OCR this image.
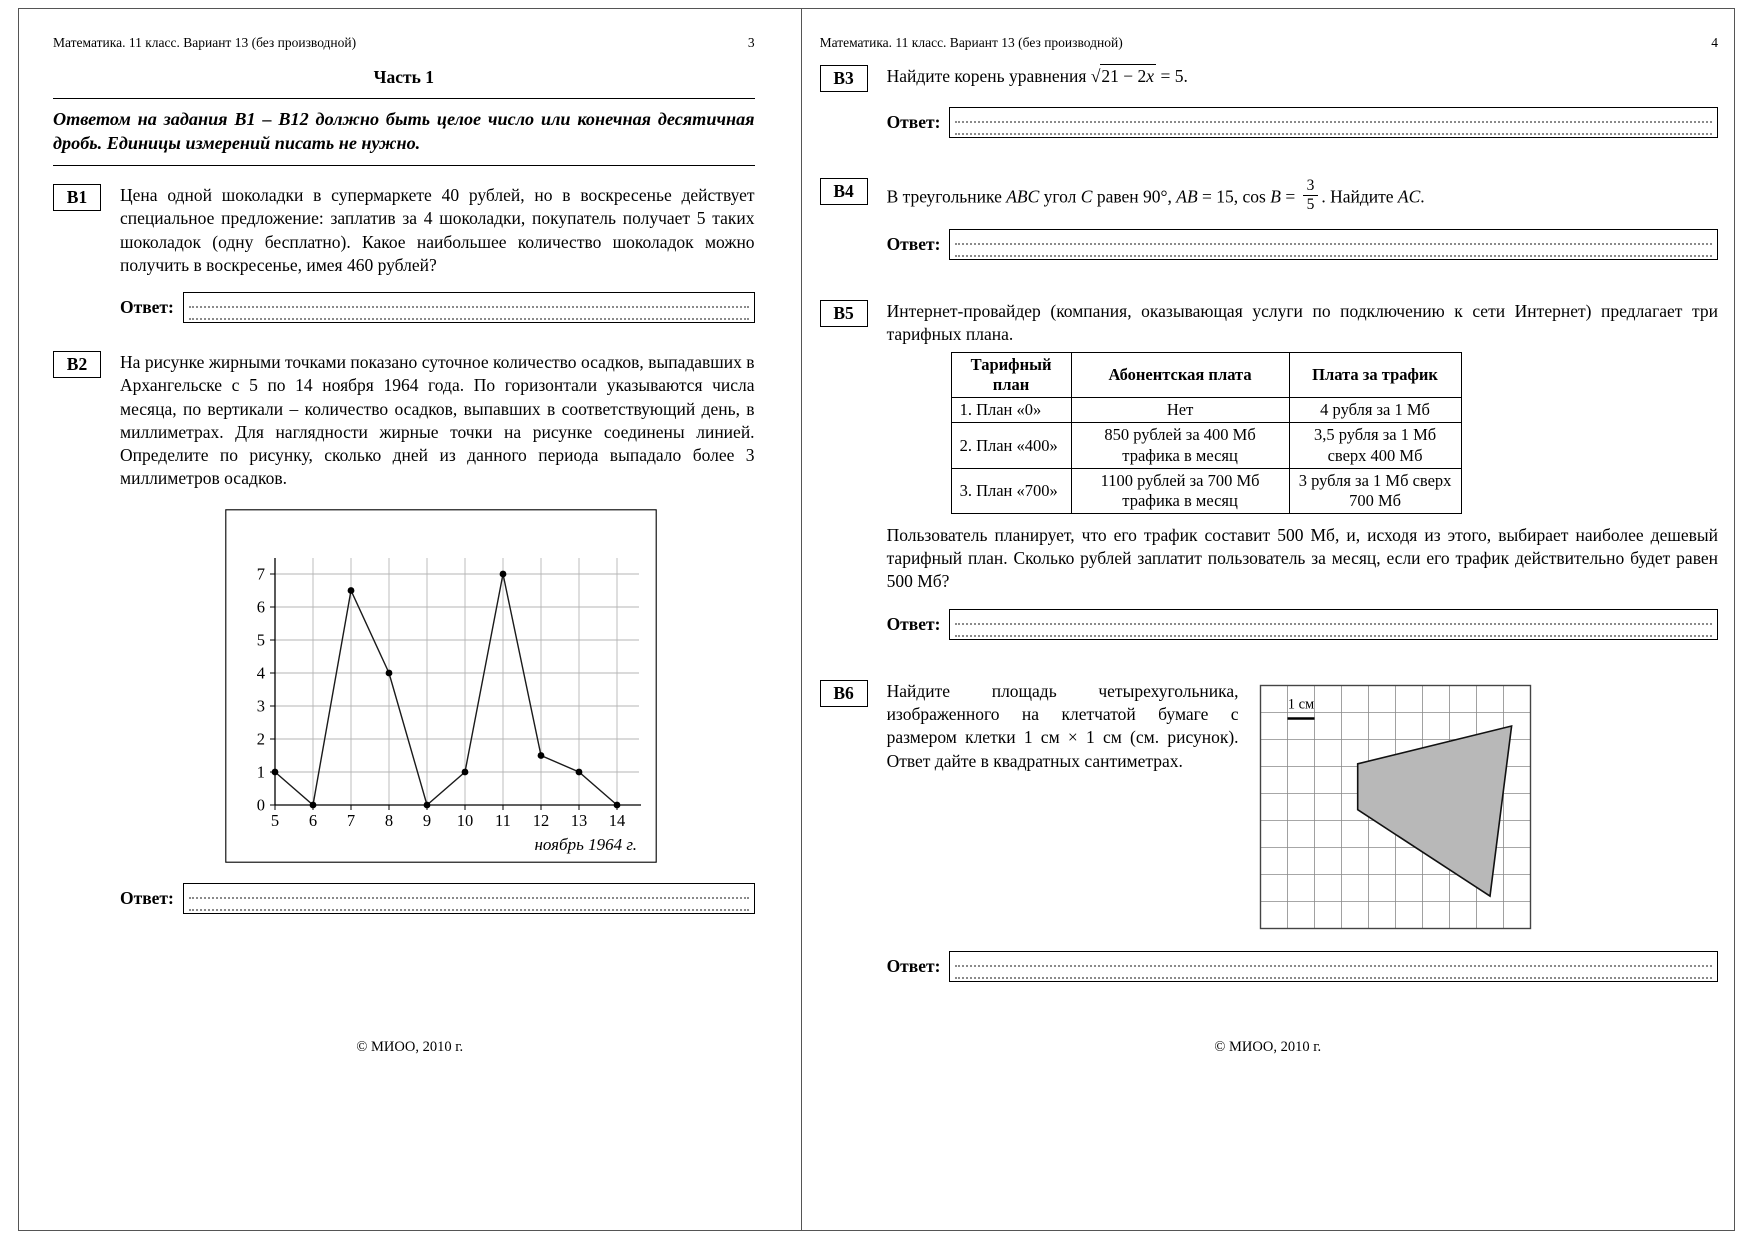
Математика. 11 класс. Вариант 13 (без производной)	3
Часть 1
Ответом на задания В1 – В12 должно быть целое число или конечная десятичная дробь. Единицы измерений писать не нужно.
В1	Цена одной шоколадки в супермаркете 40 рублей, но в воскресенье действует специальное предложение: заплатив за 4 шоколадки, покупатель получает 5 таких шоколадок (одну бесплатно). Какое наибольшее количество шоколадок можно получить в воскресенье, имея 460 рублей?
Ответ:
В2	На рисунке жирными точками показано суточное количество осадков, выпадавших в Архангельске с 5 по 14 ноября 1964 года. По горизонтали указываются числа месяца, по вертикали – количество осадков, выпавших в соответствующий день, в миллиметрах. Для наглядности жирные точки на рисунке соединены линией. Определите по рисунку, сколько дней из данного периода выпадало более 3 миллиметров осадков.
0
1
2
3
4
5
6
7
5 6 7 8 9 10 11 12 13 14
ноябрь 1964 г.
Ответ:
© МИОО, 2010 г.
Математика. 11 класс. Вариант 13 (без производной)	4
В3	Найдите корень уравнения √21 − 2x = 5.
Ответ:
В4	В треугольнике ABC угол C равен 90°, AB = 15, $\cos B = \frac{3}{5}$ . Найдите AC.
Ответ:
В5	Интернет-провайдер (компания, оказывающая услуги по подключению к сети Интернет) предлагает три тарифных плана.
Тарифный план	Абонентская плата	Плата за трафик
1. План «0»	Нет	4 рубля за 1 Мб
2. План «400»	850 рублей за 400 Мб трафика в месяц	3,5 рубля за 1 Мб сверх 400 Мб
3. План «700»	1100 рублей за 700 Мб трафика в месяц	3 рубля за 1 Мб сверх 700 Мб
Пользователь планирует, что его трафик составит 500 Мб, и, исходя из этого, выбирает наиболее дешевый тарифный план. Сколько рублей заплатит пользователь за месяц, если его трафик действительно будет равен 500 Мб?
Ответ:
В6	Найдите площадь четырехугольника, изображенного на клетчатой бумаге с размером клетки 1 см × 1 см (см. рисунок). Ответ дайте в квадратных сантиметрах.
1 см
Ответ:
© МИОО, 2010 г.
